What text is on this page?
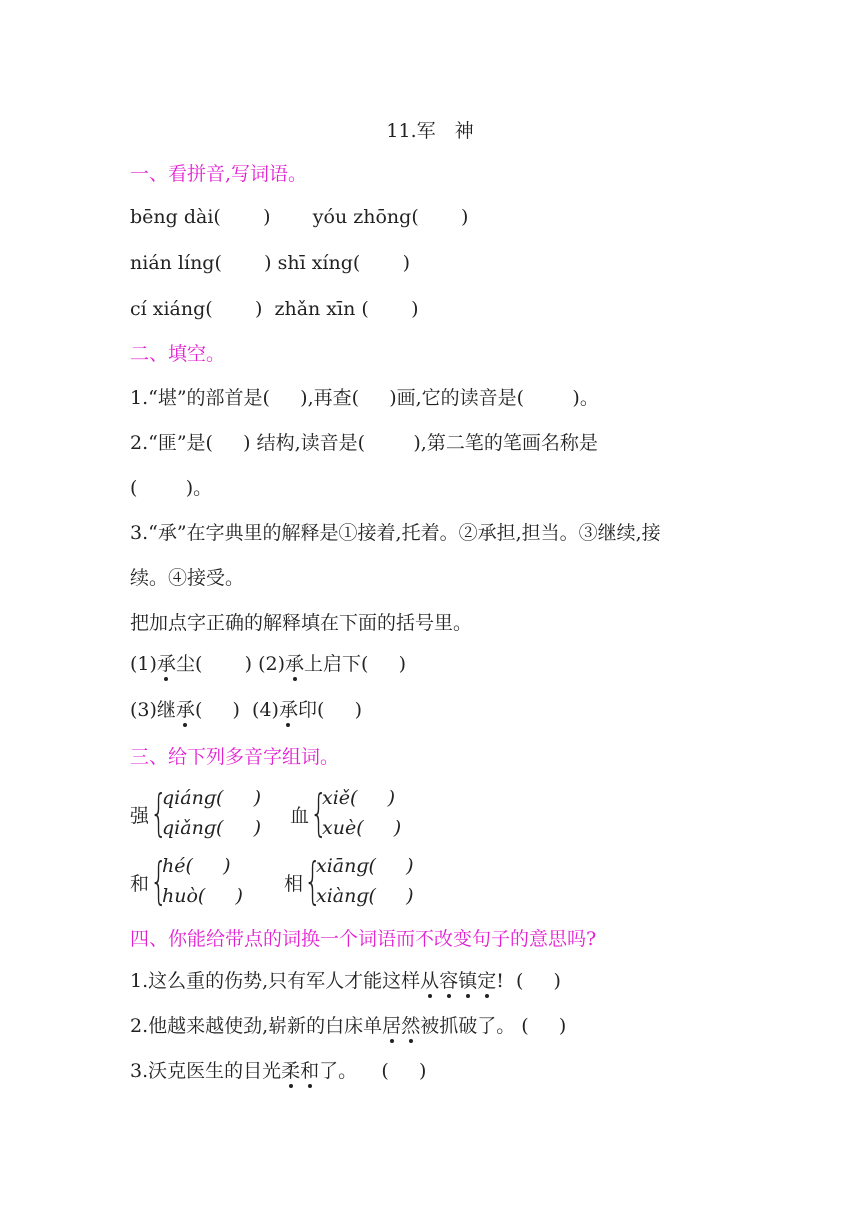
11.军　神
一、看拼音,写词语。
bēng dài(       )       yóu zhōng(       )
nián líng(       ) shī xíng(       )
cí xiáng(       )  zhǎn xīn (       )
二、填空。
1.“堪”的部首是(     ),再查(     )画,它的读音是(        )。
2.“匪”是(     ) 结构,读音是(        ),第二笔的笔画名称是
(        )。
3.“承”在字典里的解释是①接着,托着。②承担,担当。③继续,接
续。④接受。
把加点字正确的解释填在下面的括号里。
(1)承尘(       ) (2)承上启下(     )
(3)继承(     )  (4)承印(     )
三、给下列多音字组词。
强 {
qiánɡ(     )
qiǎnɡ(     )
血 {
xiě(     )
xuè(     )
和 {
hé(     )
huò(     )
相 {
xiānɡ(     )
xiànɡ(     )
四、你能给带点的词换一个词语而不改变句子的意思吗?
1.这么重的伤势,只有军人才能这样从容镇定!  (     )
2.他越来越使劲,崭新的白床单居然被抓破了。 (     )
3.沃克医生的目光柔和了。    (     )
